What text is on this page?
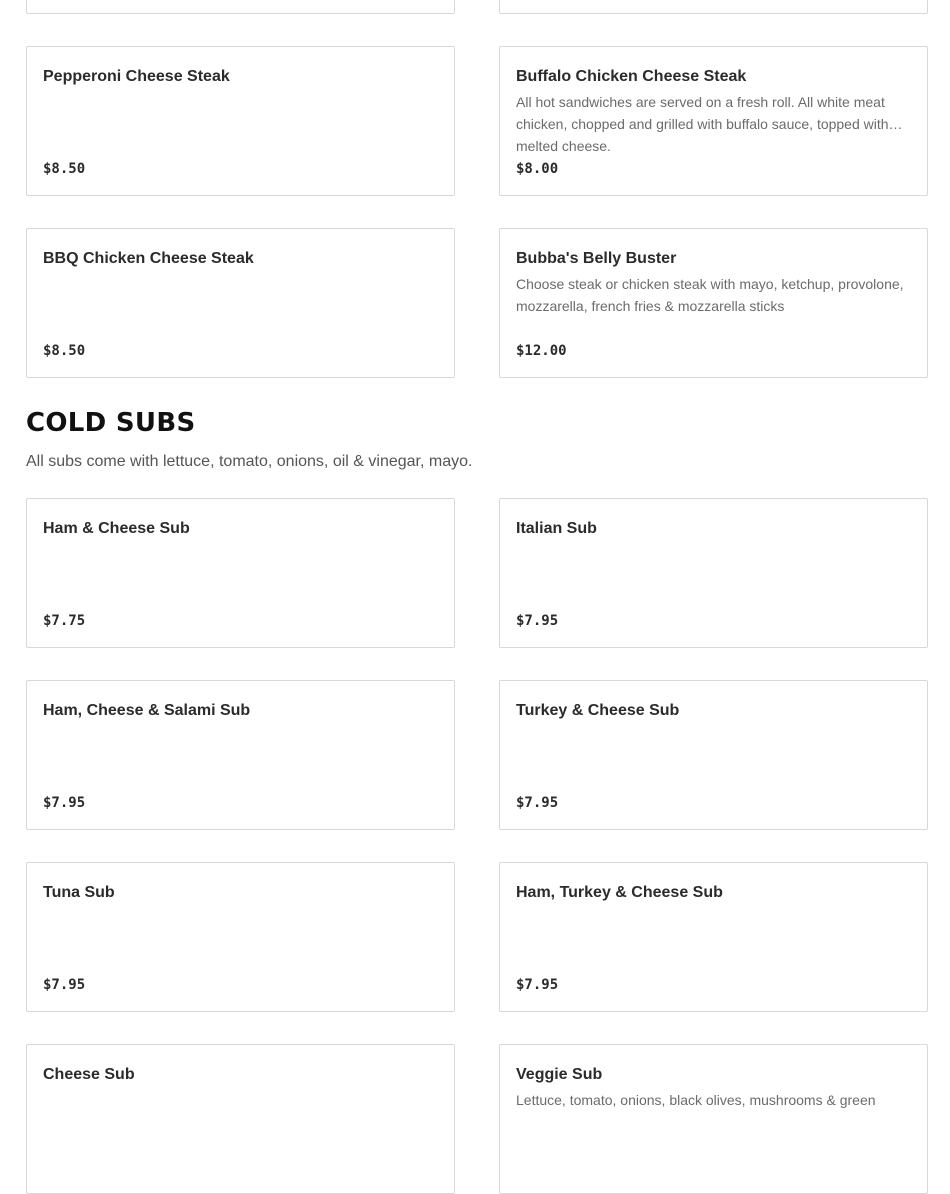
Pepperoni Cheese Steak
$8.50
Buffalo Chicken Cheese Steak
All hot sandwiches are served on a fresh roll. All white meat chicken, chopped and grilled with buffalo sauce, topped with melted cheese.
$8.00
BBQ Chicken Cheese Steak
$8.50
Bubba's Belly Buster
Choose steak or chicken steak with mayo, ketchup, provolone, mozzarella, french fries & mozzarella sticks
$12.00
COLD SUBS

All subs come with lettuce, tomato, onions, oil & vinegar, mayo.

Ham & Cheese Sub
$7.75
Italian Sub
$7.95
Ham, Cheese & Salami Sub
$7.95
Turkey & Cheese Sub
$7.95
Tuna Sub
$7.95
Ham, Turkey & Cheese Sub
$7.95
Cheese Sub	Veggie Sub
Lettuce, tomato, onions, black olives, mushrooms & green
